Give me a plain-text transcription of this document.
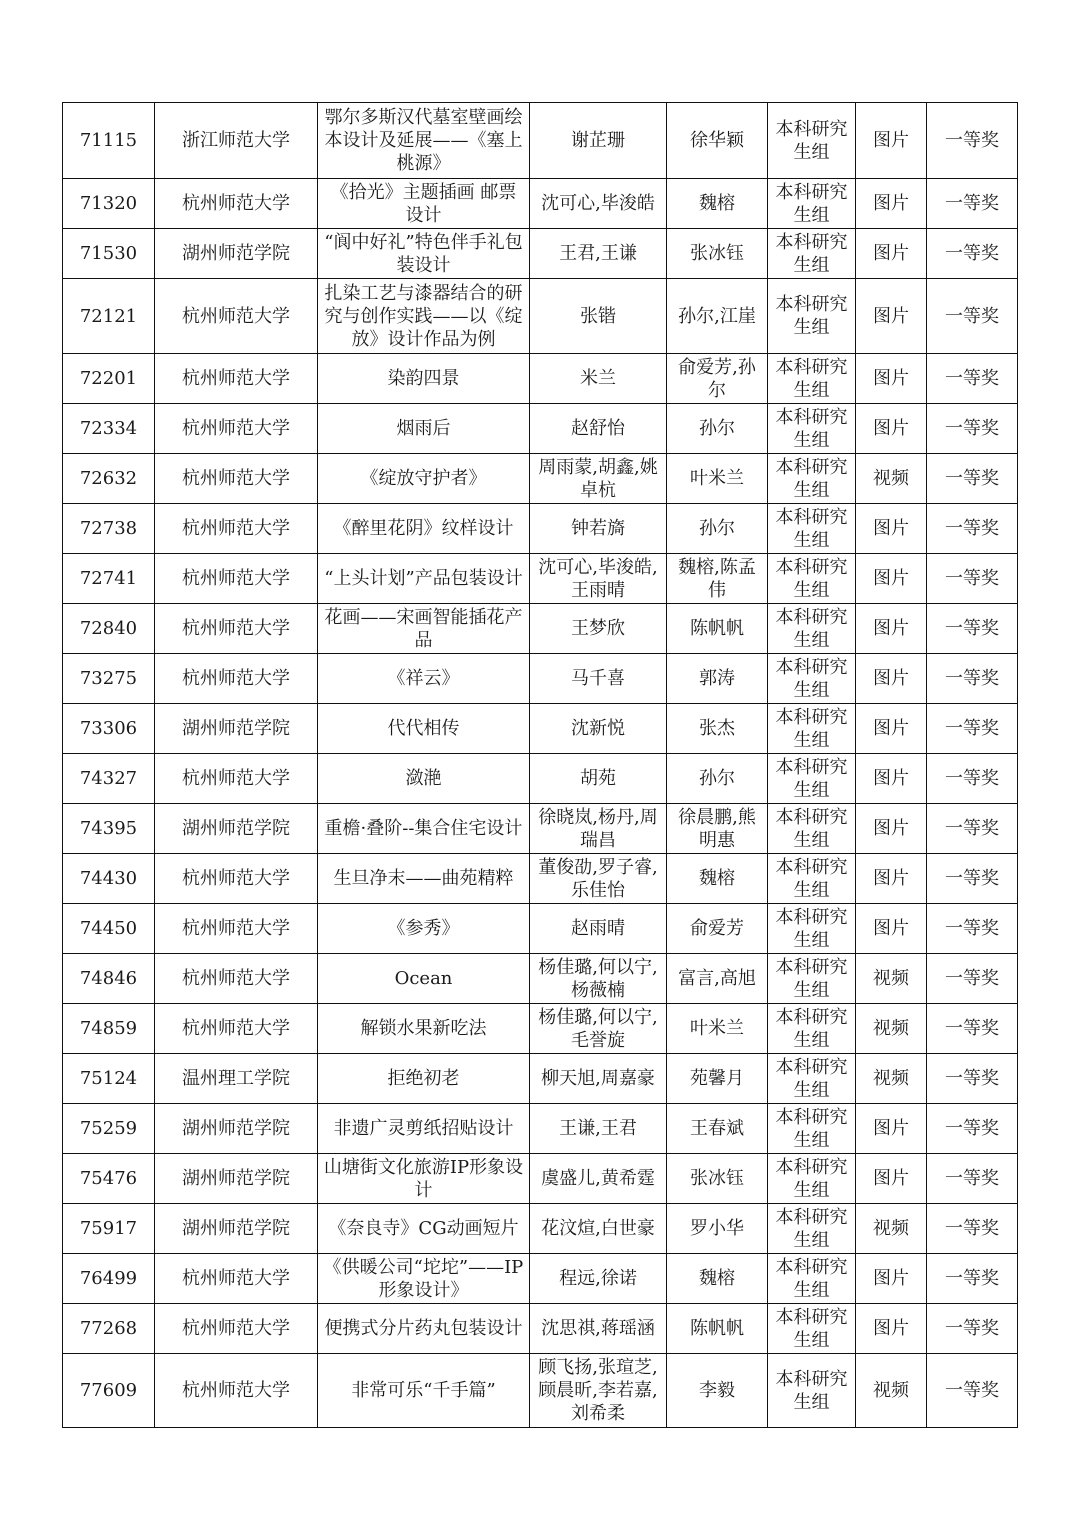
71115	浙江师范大学	鄂尔多斯汉代墓室壁画绘本设计及延展——《塞上桃源》	谢芷珊	徐华颖	本科研究生组	图片	一等奖
71320	杭州师范大学	《拾光》主题插画 邮票设计	沈可心,毕浚皓	魏榕	本科研究生组	图片	一等奖
71530	湖州师范学院	“阆中好礼”特色伴手礼包装设计	王君,王谦	张冰钰	本科研究生组	图片	一等奖
72121	杭州师范大学	扎染工艺与漆器结合的研究与创作实践——以《绽放》设计作品为例	张锴	孙尔,江崖	本科研究生组	图片	一等奖
72201	杭州师范大学	染韵四景	米兰	俞爱芳,孙尔	本科研究生组	图片	一等奖
72334	杭州师范大学	烟雨后	赵舒怡	孙尔	本科研究生组	图片	一等奖
72632	杭州师范大学	《绽放守护者》	周雨蒙,胡鑫,姚卓杭	叶米兰	本科研究生组	视频	一等奖
72738	杭州师范大学	《醉里花阴》纹样设计	钟若旖	孙尔	本科研究生组	图片	一等奖
72741	杭州师范大学	“上头计划”产品包装设计	沈可心,毕浚皓,王雨晴	魏榕,陈孟伟	本科研究生组	图片	一等奖
72840	杭州师范大学	花画——宋画智能插花产品	王梦欣	陈帆帆	本科研究生组	图片	一等奖
73275	杭州师范大学	《祥云》	马千喜	郭涛	本科研究生组	图片	一等奖
73306	湖州师范学院	代代相传	沈新悦	张杰	本科研究生组	图片	一等奖
74327	杭州师范大学	潋滟	胡苑	孙尔	本科研究生组	图片	一等奖
74395	湖州师范学院	重檐·叠阶--集合住宅设计	徐晓岚,杨丹,周瑞昌	徐晨鹏,熊明惠	本科研究生组	图片	一等奖
74430	杭州师范大学	生旦净末——曲苑精粹	董俊劭,罗子睿,乐佳怡	魏榕	本科研究生组	图片	一等奖
74450	杭州师范大学	《参秀》	赵雨晴	俞爱芳	本科研究生组	图片	一等奖
74846	杭州师范大学	Ocean	杨佳璐,何以宁,杨薇楠	富言,高旭	本科研究生组	视频	一等奖
74859	杭州师范大学	解锁水果新吃法	杨佳璐,何以宁,毛誉旋	叶米兰	本科研究生组	视频	一等奖
75124	温州理工学院	拒绝初老	柳天旭,周嘉豪	苑馨月	本科研究生组	视频	一等奖
75259	湖州师范学院	非遗广灵剪纸招贴设计	王谦,王君	王春斌	本科研究生组	图片	一等奖
75476	湖州师范学院	山塘街文化旅游IP形象设计	虞盛儿,黄希霆	张冰钰	本科研究生组	图片	一等奖
75917	湖州师范学院	《奈良寺》CG动画短片	花汶煊,白世豪	罗小华	本科研究生组	视频	一等奖
76499	杭州师范大学	《供暖公司“坨坨”——IP形象设计》	程远,徐诺	魏榕	本科研究生组	图片	一等奖
77268	杭州师范大学	便携式分片药丸包装设计	沈思祺,蒋瑶涵	陈帆帆	本科研究生组	图片	一等奖
77609	杭州师范大学	非常可乐“千手篇”	顾飞扬,张瑄芝,顾晨昕,李若嘉,刘希柔	李毅	本科研究生组	视频	一等奖
